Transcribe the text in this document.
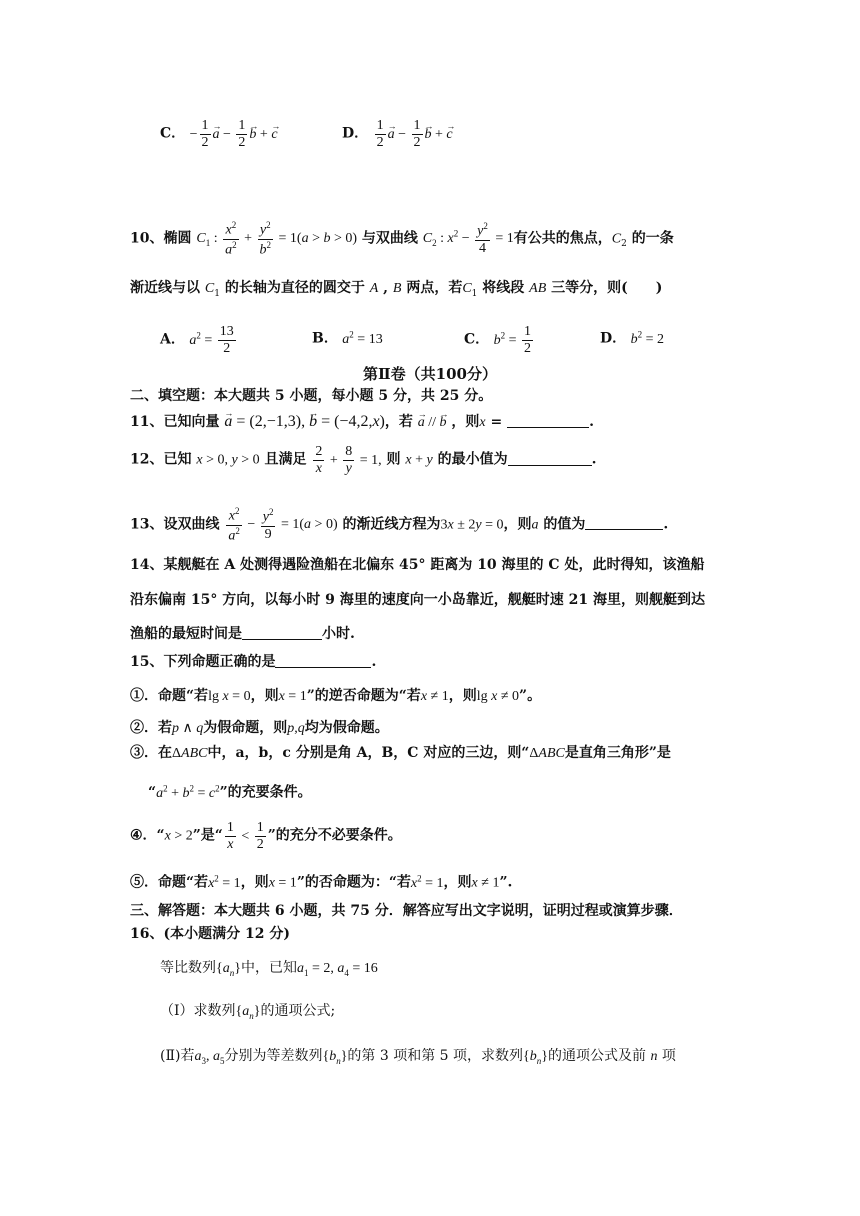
C． − $\frac{1}{2}$
→ $a - \frac{1}{2}$
→ b + → c	D． $\frac{1}{2}$
→ $a - \frac{1}{2}$
→ b + → c
10、椭圆 $C_1$ : $\frac{x^2}{a^2} + \frac{y^2}{b^2} = 1(a > b > 0)$ 与双曲线 $C_2$ : $x^2 - \frac{y^2}{4} = 1$有公共的焦点，$C_2$ 的一条
渐近线与以 $C_1$ 的长轴为直径的圆交于 A , B 两点，若$C_1$ 将线段 AB 三等分，则(　　)
A． $a^2 = \frac{13}{2}$	B． $a^2 = 13$	C． $b^2 = \frac{1}{2}$	D． $b^2 = 2$
第Ⅱ卷（共100分）
二、填空题：本大题共 5 小题，每小题 5 分，共 25 分。
11、已知向量 → a = (2,−1,3), → b = (−4,2,x)，若 → a // → b ，则x =	.
12、已知 x > 0, y > 0 且满足 $\frac{2}{x} + \frac{8}{y} = 1$, 则 x + y 的最小值为	.
13、设双曲线 $\frac{x^2}{a^2} - \frac{y^2}{9} = 1(a > 0)$ 的渐近线方程为3x ± 2y = 0，则a 的值为	.
14、某舰艇在 A 处测得遇险渔船在北偏东 45° 距离为 10 海里的 C 处，此时得知，该渔船
沿东偏南 15° 方向，以每小时 9 海里的速度向一小岛靠近，舰艇时速 21 海里，则舰艇到达
渔船的最短时间是	小时.
15、下列命题正确的是	.
①．命题“若lg x = 0，则x = 1”的逆否命题为“若x ≠ 1，则lg x ≠ 0”。
②．若p ∧ q为假命题，则p,q均为假命题。
③．在ΔABC中，a，b，c 分别是角 A，B，C 对应的三边，则“ΔABC是直角三角形”是
“$a^2 + b^2 = c^2$”的充要条件。
④．“x > 2”是“ $\frac{1}{x} < \frac{1}{2}$ ”的充分不必要条件。
⑤．命题“若$x^2 = 1$，则x = 1”的否命题为：“若$x^2 = 1$，则x ≠ 1”.
三、解答题：本大题共 6 小题，共 75 分．解答应写出文字说明，证明过程或演算步骤．
16、(本小题满分 12 分)
等比数列$\{a_n\}$中，已知$a_1 = 2$, $a_4 = 16$
（Ⅰ）求数列$\{a_n\}$的通项公式;
(Ⅱ)若$a_3$, $a_5$分别为等差数列$\{b_n\}$的第 3 项和第 5 项，求数列$\{b_n\}$的通项公式及前 n 项
